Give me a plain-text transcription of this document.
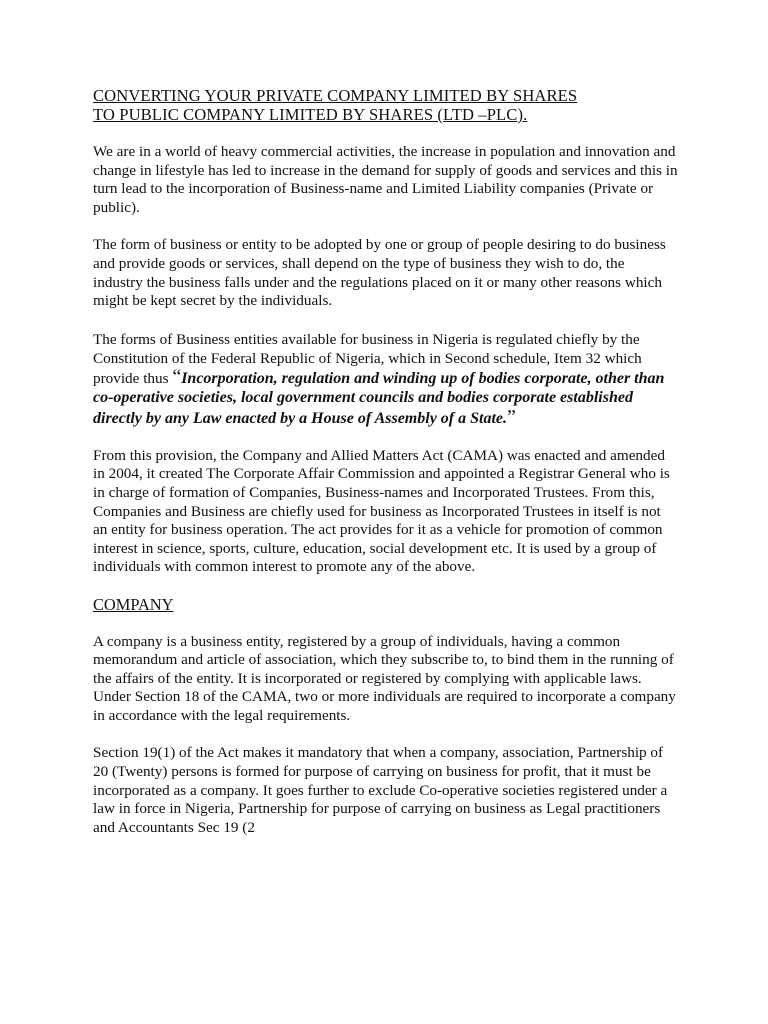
CONVERTING YOUR PRIVATE COMPANY LIMITED BY SHARES
TO PUBLIC COMPANY LIMITED BY SHARES (LTD –PLC).

We are in a world of heavy commercial activities, the increase in population and innovation and change in lifestyle has led to increase in the demand for supply of goods and services and this in turn lead to the incorporation of Business-name and Limited Liability companies (Private or public).

The form of business or entity to be adopted by one or group of people desiring to do business and provide goods or services, shall depend on the type of business they wish to do, the industry the business falls under and the regulations placed on it or many other reasons which might be kept secret by the individuals.

The forms of Business entities available for business in Nigeria is regulated chiefly by the Constitution of the Federal Republic of Nigeria, which in Second schedule, Item 32 which provide thus “Incorporation, regulation and winding up of bodies corporate, other than co-operative societies, local government councils and bodies corporate established directly by any Law enacted by a House of Assembly of a State.”

From this provision, the Company and Allied Matters Act (CAMA) was enacted and amended in 2004, it created The Corporate Affair Commission and appointed a Registrar General who is in charge of formation of Companies, Business-names and Incorporated Trustees. From this, Companies and Business are chiefly used for business as Incorporated Trustees in itself is not an entity for business operation. The act provides for it as a vehicle for promotion of common interest in science, sports, culture, education, social development etc. It is used by a group of individuals with common interest to promote any of the above.

COMPANY

A company is a business entity, registered by a group of individuals, having a common memorandum and article of association, which they subscribe to, to bind them in the running of the affairs of the entity. It is incorporated or registered by complying with applicable laws. Under Section 18 of the CAMA, two or more individuals are required to incorporate a company in accordance with the legal requirements.

Section 19(1) of the Act makes it mandatory that when a company, association, Partnership of 20 (Twenty) persons is formed for purpose of carrying on business for profit, that it must be incorporated as a company. It goes further to exclude Co-operative societies registered under a law in force in Nigeria, Partnership for purpose of carrying on business as Legal practitioners and Accountants Sec 19 (2
